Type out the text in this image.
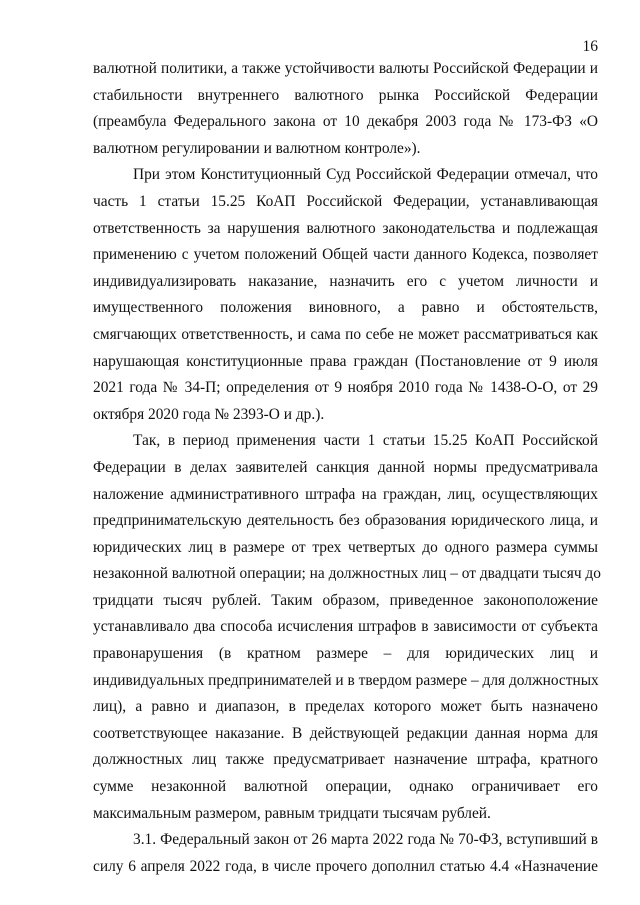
16
валютной политики, а также устойчивости валюты Российской Федерации и
стабильности внутреннего валютного рынка Российской Федерации
(преамбула Федерального закона от 10 декабря 2003 года № 173-ФЗ «О
валютном регулировании и валютном контроле»).
При этом Конституционный Суд Российской Федерации отмечал, что
часть 1 статьи 15.25 КоАП Российской Федерации, устанавливающая
ответственность за нарушения валютного законодательства и подлежащая
применению с учетом положений Общей части данного Кодекса, позволяет
индивидуализировать наказание, назначить его с учетом личности и
имущественного положения виновного, а равно и обстоятельств,
смягчающих ответственность, и сама по себе не может рассматриваться как
нарушающая конституционные права граждан (Постановление от 9 июля
2021 года № 34-П; определения от 9 ноября 2010 года № 1438-О-О, от 29
октября 2020 года № 2393-О и др.).
Так, в период применения части 1 статьи 15.25 КоАП Российской
Федерации в делах заявителей санкция данной нормы предусматривала
наложение административного штрафа на граждан, лиц, осуществляющих
предпринимательскую деятельность без образования юридического лица, и
юридических лиц в размере от трех четвертых до одного размера суммы
незаконной валютной операции; на должностных лиц – от двадцати тысяч до
тридцати тысяч рублей. Таким образом, приведенное законоположение
устанавливало два способа исчисления штрафов в зависимости от субъекта
правонарушения (в кратном размере – для юридических лиц и
индивидуальных предпринимателей и в твердом размере – для должностных
лиц), а равно и диапазон, в пределах которого может быть назначено
соответствующее наказание. В действующей редакции данная норма для
должностных лиц также предусматривает назначение штрафа, кратного
сумме незаконной валютной операции, однако ограничивает его
максимальным размером, равным тридцати тысячам рублей.
3.1. Федеральный закон от 26 марта 2022 года № 70-ФЗ, вступивший в
силу 6 апреля 2022 года, в числе прочего дополнил статью 4.4 «Назначение
